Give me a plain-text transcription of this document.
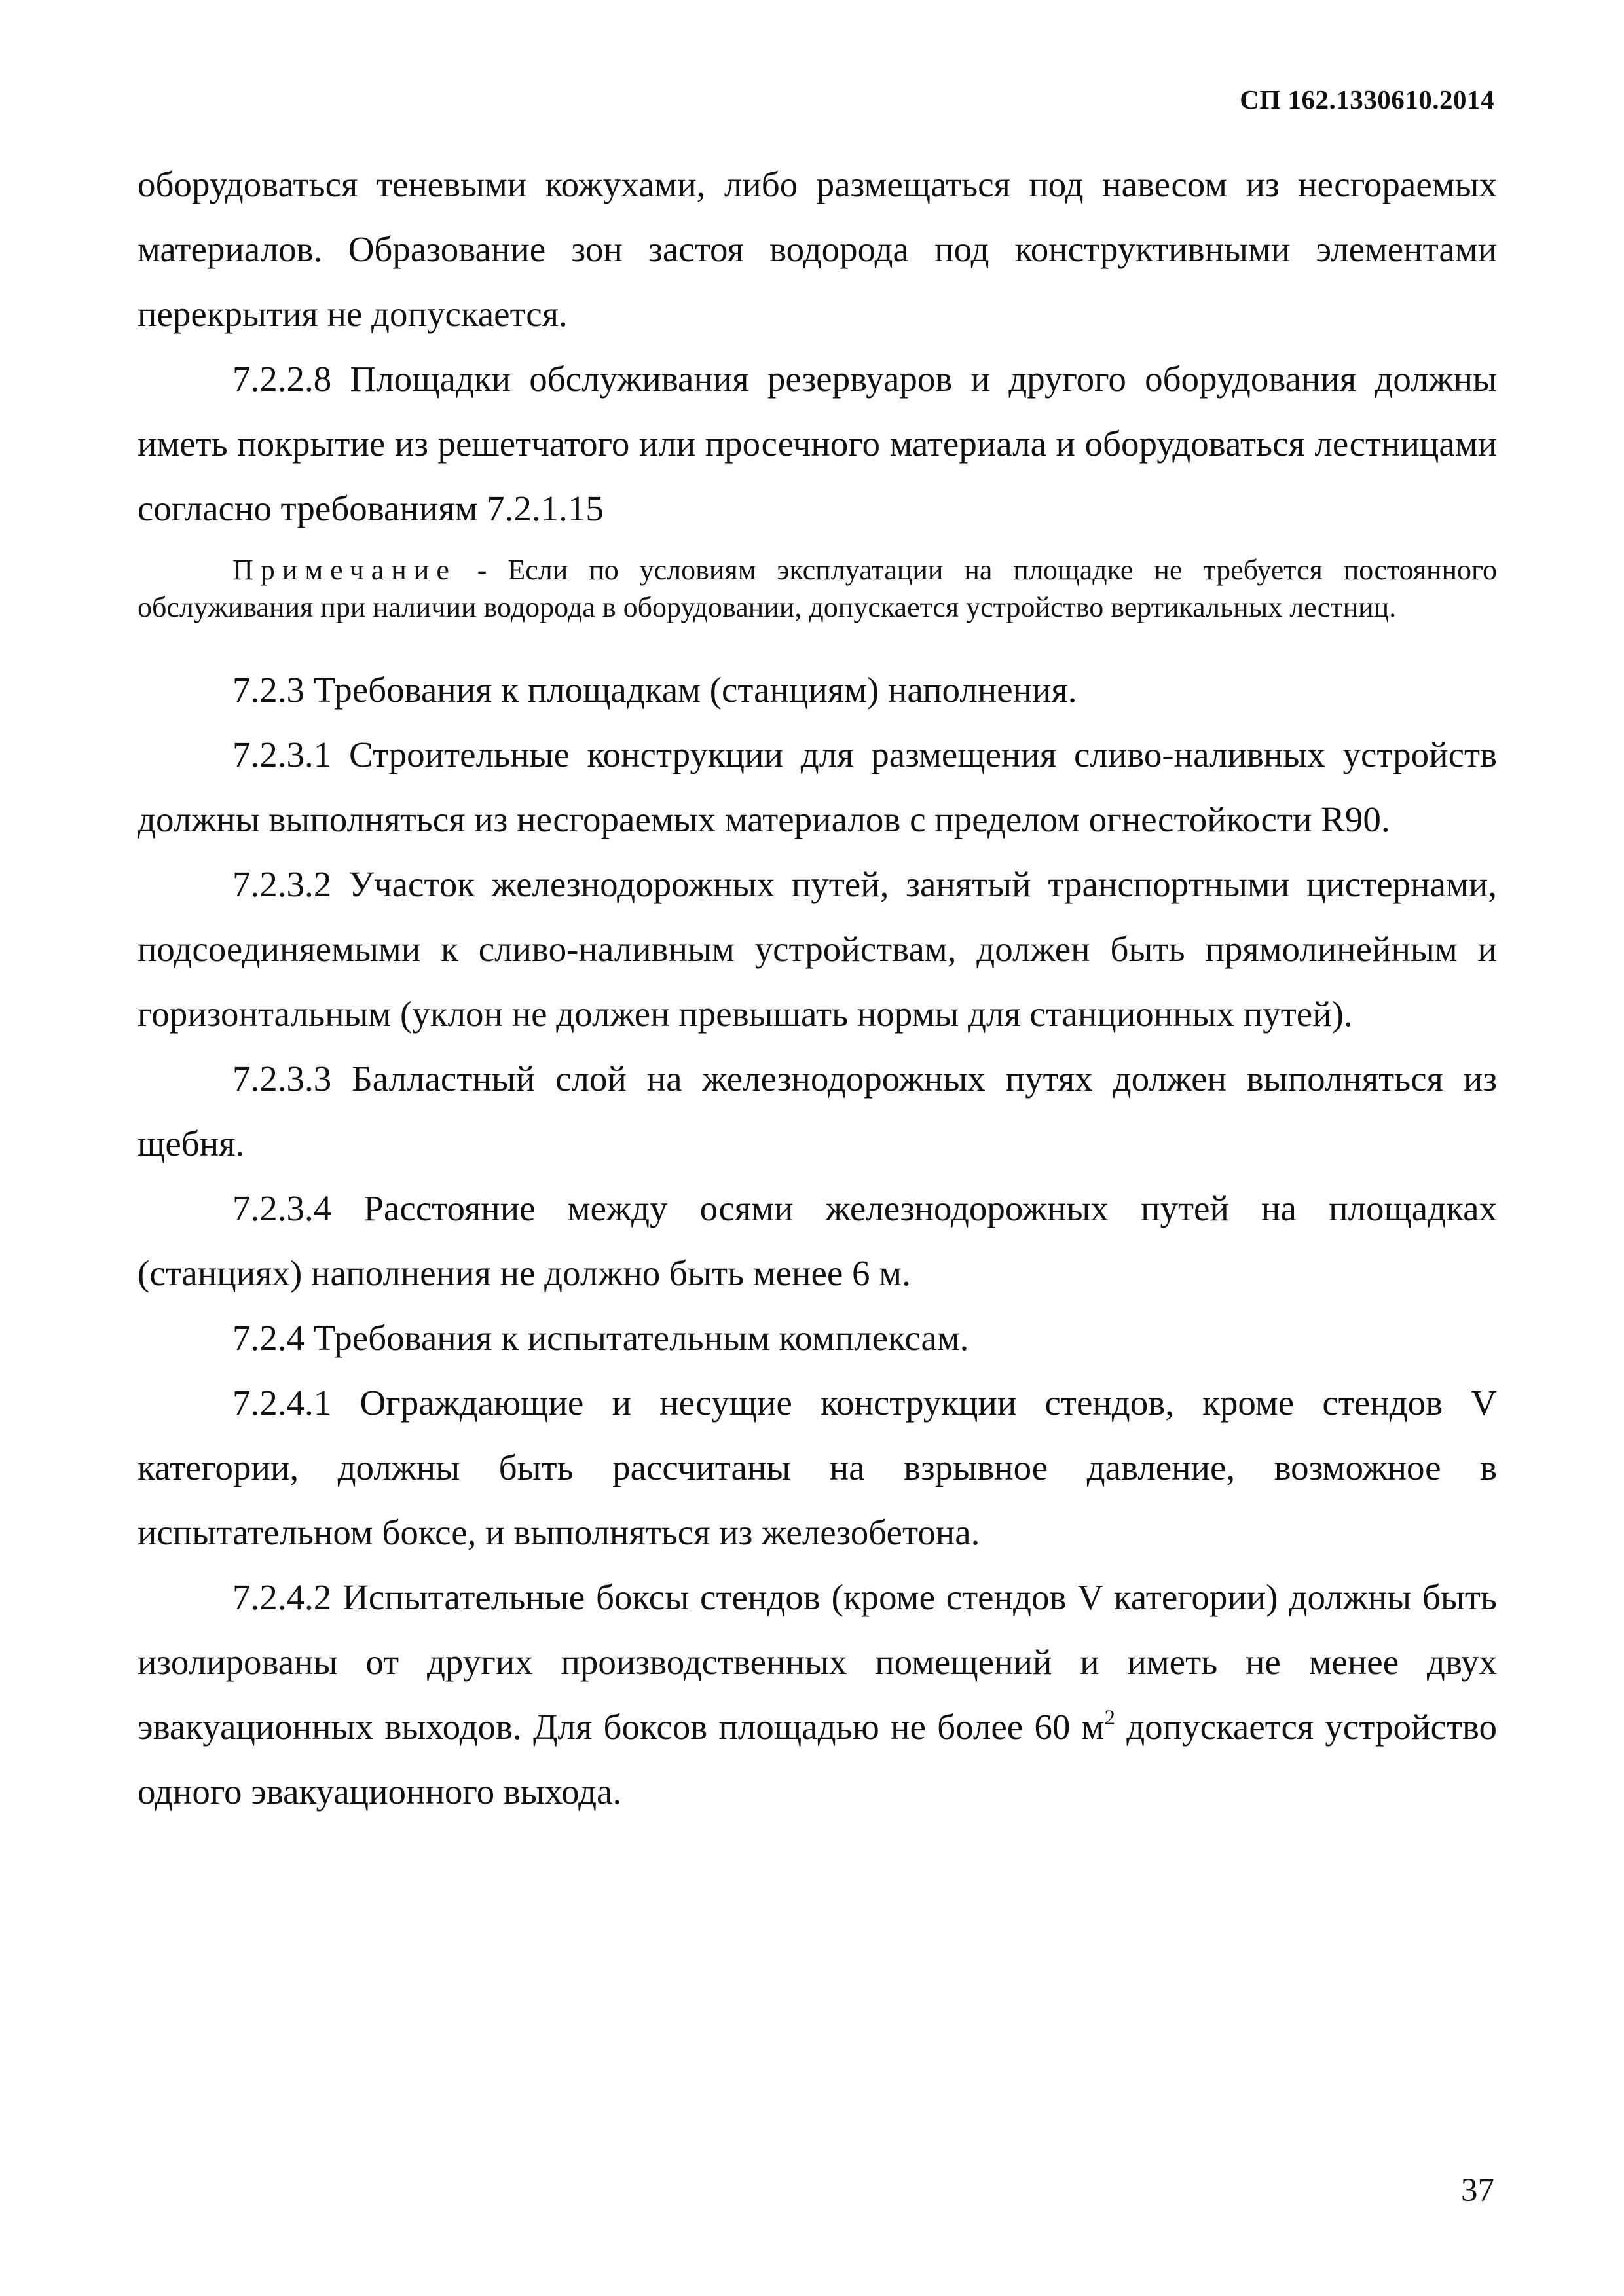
СП 162.1330610.2014

оборудоваться теневыми кожухами, либо размещаться под навесом из несгораемых материалов. Образование зон застоя водорода под конструктивными элементами перекрытия не допускается.

7.2.2.8 Площадки обслуживания резервуаров и другого оборудования должны иметь покрытие из решетчатого или просечного материала и оборудоваться лестницами согласно требованиям 7.2.1.15

Примечание - Если по условиям эксплуатации на площадке не требуется постоянного обслуживания при наличии водорода в оборудовании, допускается устройство вертикальных лестниц.

7.2.3 Требования к площадкам (станциям) наполнения.

7.2.3.1 Строительные конструкции для размещения сливо-наливных устройств должны выполняться из несгораемых материалов с пределом огнестойкости R90.

7.2.3.2 Участок железнодорожных путей, занятый транспортными цистернами, подсоединяемыми к сливо-наливным устройствам, должен быть прямолинейным и горизонтальным (уклон не должен превышать нормы для станционных путей).

7.2.3.3 Балластный слой на железнодорожных путях должен выполняться из щебня.

7.2.3.4 Расстояние между осями железнодорожных путей на площадках (станциях) наполнения не должно быть менее 6 м.

7.2.4 Требования к испытательным комплексам.

7.2.4.1 Ограждающие и несущие конструкции стендов, кроме стендов V категории, должны быть рассчитаны на взрывное давление, возможное в испытательном боксе, и выполняться из железобетона.

7.2.4.2 Испытательные боксы стендов (кроме стендов V категории) должны быть изолированы от других производственных помещений и иметь не менее двух эвакуационных выходов. Для боксов площадью не более 60 $м^2$ допускается устройство одного эвакуационного выхода.

37
